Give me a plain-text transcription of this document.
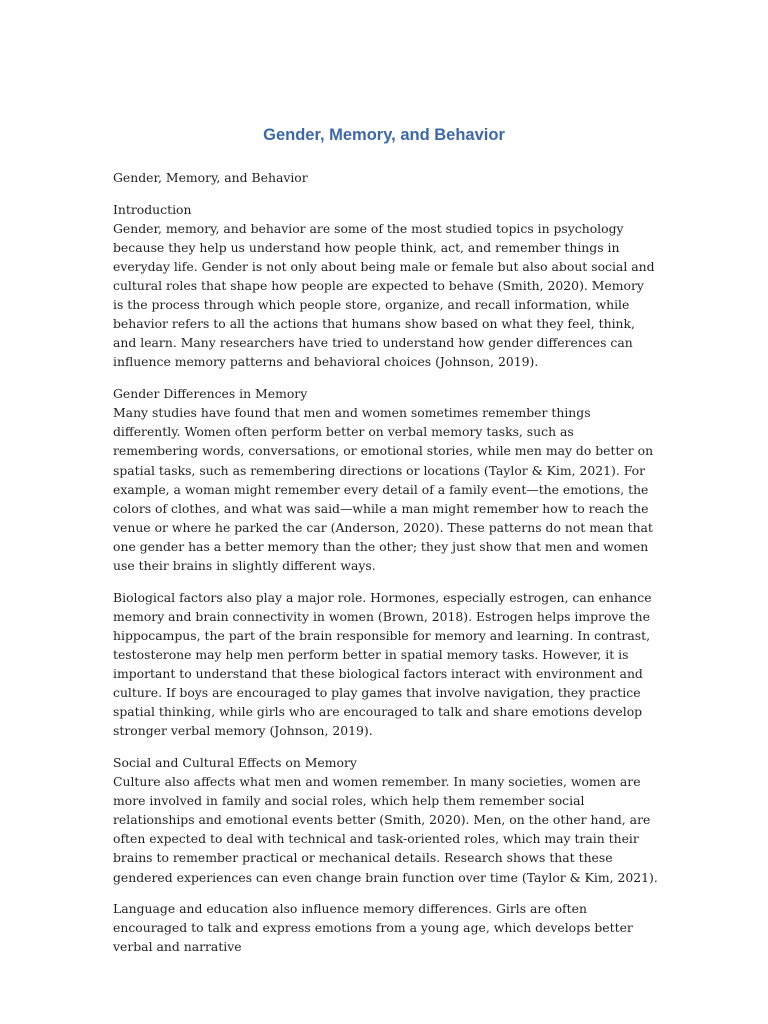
Gender, Memory, and Behavior

Gender, Memory, and Behavior

Introduction
Gender, memory, and behavior are some of the most studied topics in psychology because they help us understand how people think, act, and remember things in everyday life. Gender is not only about being male or female but also about social and cultural roles that shape how people are expected to behave (Smith, 2020). Memory is the process through which people store, organize, and recall information, while behavior refers to all the actions that humans show based on what they feel, think, and learn. Many researchers have tried to understand how gender differences can influence memory patterns and behavioral choices (Johnson, 2019).

Gender Differences in Memory
Many studies have found that men and women sometimes remember things differently. Women often perform better on verbal memory tasks, such as remembering words, conversations, or emotional stories, while men may do better on spatial tasks, such as remembering directions or locations (Taylor & Kim, 2021). For example, a woman might remember every detail of a family event—the emotions, the colors of clothes, and what was said—while a man might remember how to reach the venue or where he parked the car (Anderson, 2020). These patterns do not mean that one gender has a better memory than the other; they just show that men and women use their brains in slightly different ways.

Biological factors also play a major role. Hormones, especially estrogen, can enhance memory and brain connectivity in women (Brown, 2018). Estrogen helps improve the hippocampus, the part of the brain responsible for memory and learning. In contrast, testosterone may help men perform better in spatial memory tasks. However, it is important to understand that these biological factors interact with environment and culture. If boys are encouraged to play games that involve navigation, they practice spatial thinking, while girls who are encouraged to talk and share emotions develop stronger verbal memory (Johnson, 2019).

Social and Cultural Effects on Memory
Culture also affects what men and women remember. In many societies, women are more involved in family and social roles, which help them remember social relationships and emotional events better (Smith, 2020). Men, on the other hand, are often expected to deal with technical and task-oriented roles, which may train their brains to remember practical or mechanical details. Research shows that these gendered experiences can even change brain function over time (Taylor & Kim, 2021).

Language and education also influence memory differences. Girls are often encouraged to talk and express emotions from a young age, which develops better verbal and narrative
